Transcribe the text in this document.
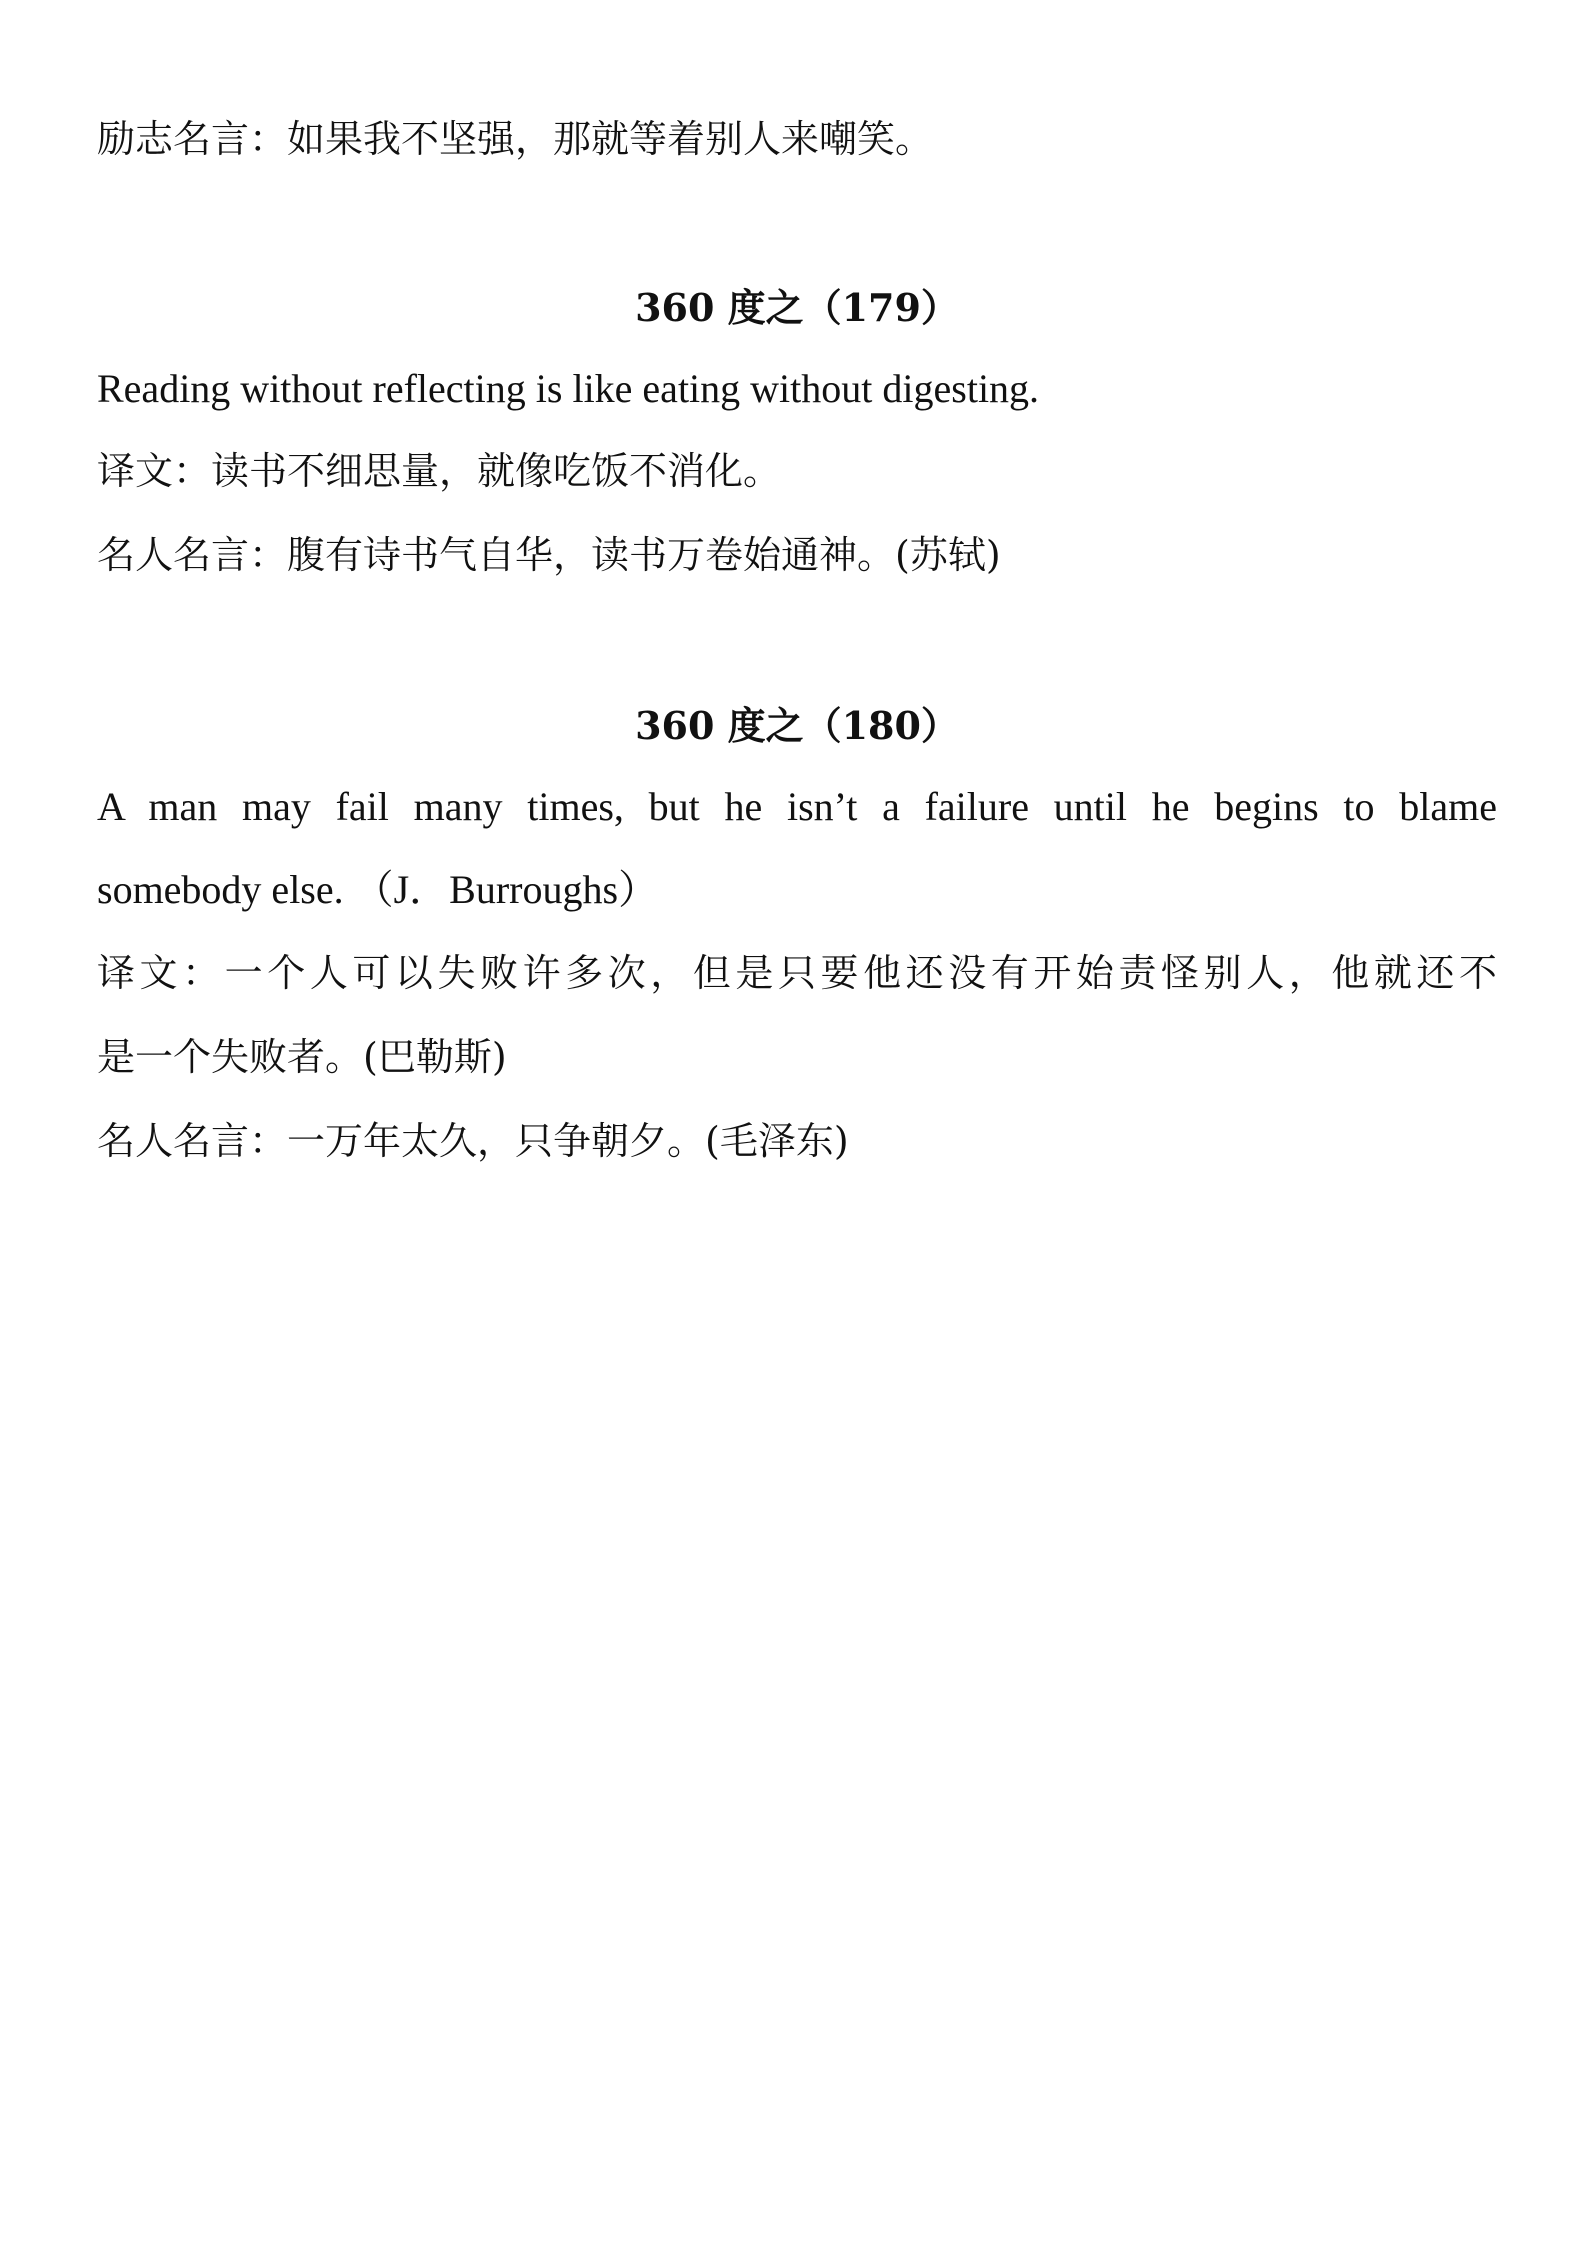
励志名言：如果我不坚强，那就等着别人来嘲笑。
360 度之（179）
Reading without reflecting is like eating without digesting.
译文：读书不细思量，就像吃饭不消化。
名人名言：腹有诗书气自华，读书万卷始通神。(苏轼)
360 度之（180）
A man may fail many times, but he isn’t a failure until he begins to blame
somebody else. （J．Burroughs）
译文：一个人可以失败许多次，但是只要他还没有开始责怪别人，他就还不
是一个失败者。(巴勒斯)
名人名言：一万年太久，只争朝夕。(毛泽东)
